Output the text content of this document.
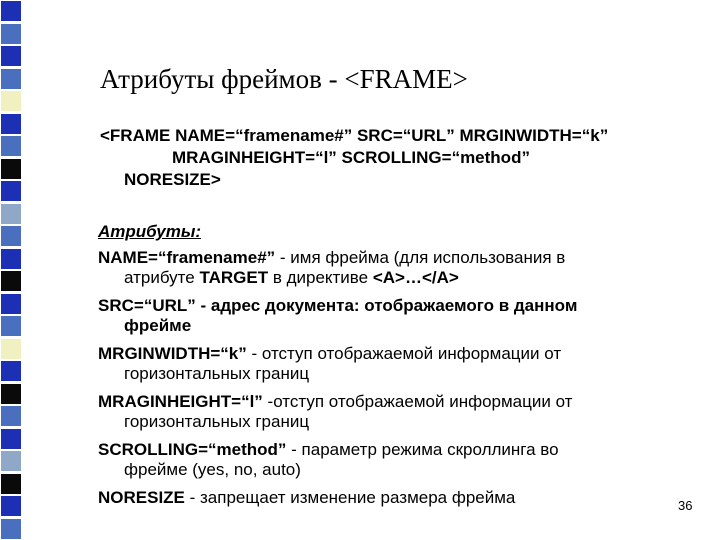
Атрибуты фреймов - <FRAME>
<FRAME NAME=“framename#” SRC=“URL” MRGINWIDTH=“k”
MRAGINHEIGHT=“l” SCROLLING=“method”
NORESIZE>
Атрибуты:
NAME=“framename#” - имя фрейма (для использования в
атрибуте TARGET в директиве <A>…</A>
SRC=“URL” - адрес документа: отображаемого в данном
фрейме
MRGINWIDTH=“k” - отступ отображаемой информации от
горизонтальных границ
MRAGINHEIGHT=“l” -отступ отображаемой информации от
горизонтальных границ
SCROLLING=“method” - параметр режима скроллинга во
фрейме (yes, no, auto)
NORESIZE - запрещает изменение размера фрейма	36
